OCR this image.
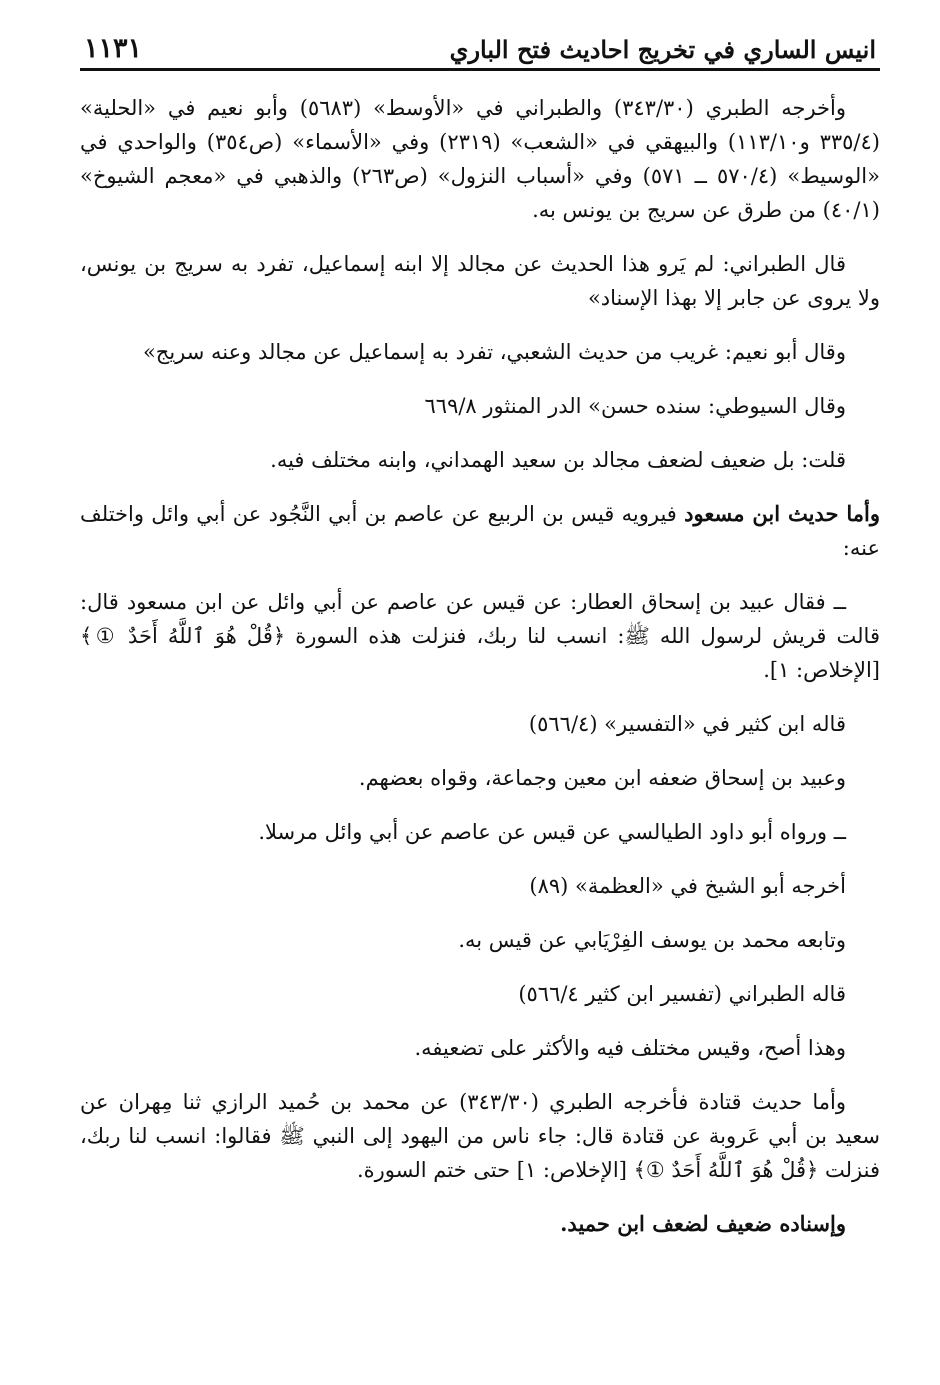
انيس الساري في تخريج احاديث فتح الباري
١١٣١

وأخرجه الطبري (٣٤٣/٣٠) والطبراني في «الأوسط» (٥٦٨٣) وأبو نعيم في «الحلية» (٣٣٥/٤ و١١٣/١٠) والبيهقي في «الشعب» (٢٣١٩) وفي «الأسماء» (ص٣٥٤) والواحدي في «الوسيط» (٥٧٠/٤ ــ ٥٧١) وفي «أسباب النزول» (ص٢٦٣) والذهبي في «معجم الشيوخ» (٤٠/١) من طرق عن سريج بن يونس به.

قال الطبراني: لم يَرو هذا الحديث عن مجالد إلا ابنه إسماعيل، تفرد به سريج بن يونس، ولا يروى عن جابر إلا بهذا الإسناد»

وقال أبو نعيم: غريب من حديث الشعبي، تفرد به إسماعيل عن مجالد وعنه سريج»

وقال السيوطي: سنده حسن» الدر المنثور ٦٦٩/٨

قلت: بل ضعيف لضعف مجالد بن سعيد الهمداني، وابنه مختلف فيه.

وأما حديث ابن مسعود فيرويه قيس بن الربيع عن عاصم بن أبي النَّجُود عن أبي وائل واختلف عنه:

ــ فقال عبيد بن إسحاق العطار: عن قيس عن عاصم عن أبي وائل عن ابن مسعود قال: قالت قريش لرسول الله ﷺ: انسب لنا ربك، فنزلت هذه السورة ﴿قُلْ هُوَ ٱللَّهُ أَحَدٌ ①﴾ [الإخلاص: ١].

قاله ابن كثير في «التفسير» (٥٦٦/٤)

وعبيد بن إسحاق ضعفه ابن معين وجماعة، وقواه بعضهم.

ــ ورواه أبو داود الطيالسي عن قيس عن عاصم عن أبي وائل مرسلا.

أخرجه أبو الشيخ في «العظمة» (٨٩)

وتابعه محمد بن يوسف الفِرْيَابي عن قيس به.

قاله الطبراني (تفسير ابن كثير ٥٦٦/٤)

وهذا أصح، وقيس مختلف فيه والأكثر على تضعيفه.

وأما حديث قتادة فأخرجه الطبري (٣٤٣/٣٠) عن محمد بن حُميد الرازي ثنا مِهران عن سعيد بن أبي عَروبة عن قتادة قال: جاء ناس من اليهود إلى النبي ﷺ فقالوا: انسب لنا ربك، فنزلت ﴿قُلْ هُوَ ٱللَّهُ أَحَدٌ ①﴾ [الإخلاص: ١] حتى ختم السورة.

وإسناده ضعيف لضعف ابن حميد.
